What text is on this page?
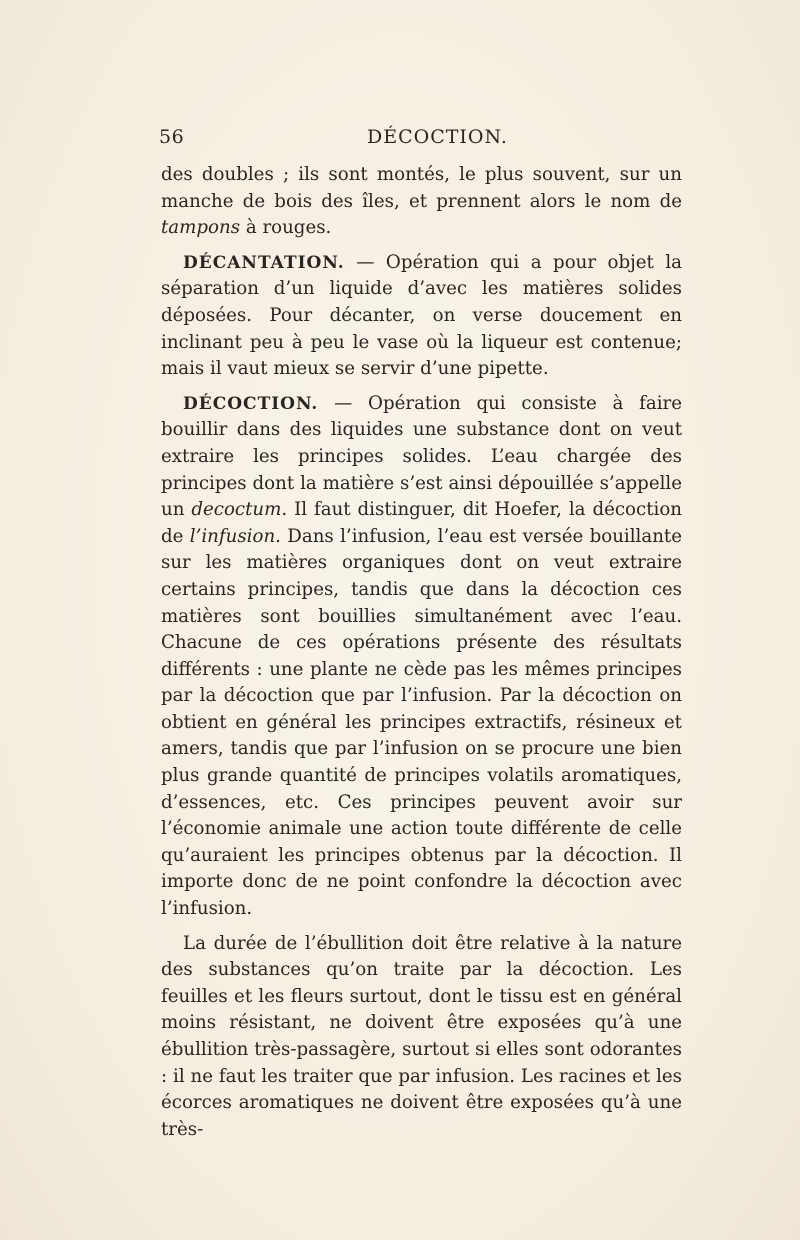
56	DÉCOCTION.

des doubles ; ils sont montés, le plus souvent, sur un manche de bois des îles, et prennent alors le nom de tampons à rouges.

DÉCANTATION. — Opération qui a pour objet la séparation d’un liquide d’avec les matières solides déposées. Pour décanter, on verse doucement en inclinant peu à peu le vase où la liqueur est contenue; mais il vaut mieux se servir d’une pipette.

DÉCOCTION. — Opération qui consiste à faire bouillir dans des liquides une substance dont on veut extraire les principes solides. L’eau chargée des principes dont la matière s’est ainsi dépouillée s’appelle un decoctum. Il faut distinguer, dit Hoefer, la décoction de l’infusion. Dans l’infusion, l’eau est versée bouillante sur les matières organiques dont on veut extraire certains principes, tandis que dans la décoction ces matières sont bouillies simultanément avec l’eau. Chacune de ces opérations présente des résultats différents : une plante ne cède pas les mêmes principes par la décoction que par l’infusion. Par la décoction on obtient en général les principes extractifs, résineux et amers, tandis que par l’infusion on se procure une bien plus grande quantité de principes volatils aromatiques, d’essences, etc. Ces principes peuvent avoir sur l’économie animale une action toute différente de celle qu’auraient les principes obtenus par la décoction. Il importe donc de ne point confondre la décoction avec l’infusion.

La durée de l’ébullition doit être relative à la nature des substances qu’on traite par la décoction. Les feuilles et les fleurs surtout, dont le tissu est en général moins résistant, ne doivent être exposées qu’à une ébullition très-passagère, surtout si elles sont odorantes : il ne faut les traiter que par infusion. Les racines et les écorces aromatiques ne doivent être exposées qu’à une très-
